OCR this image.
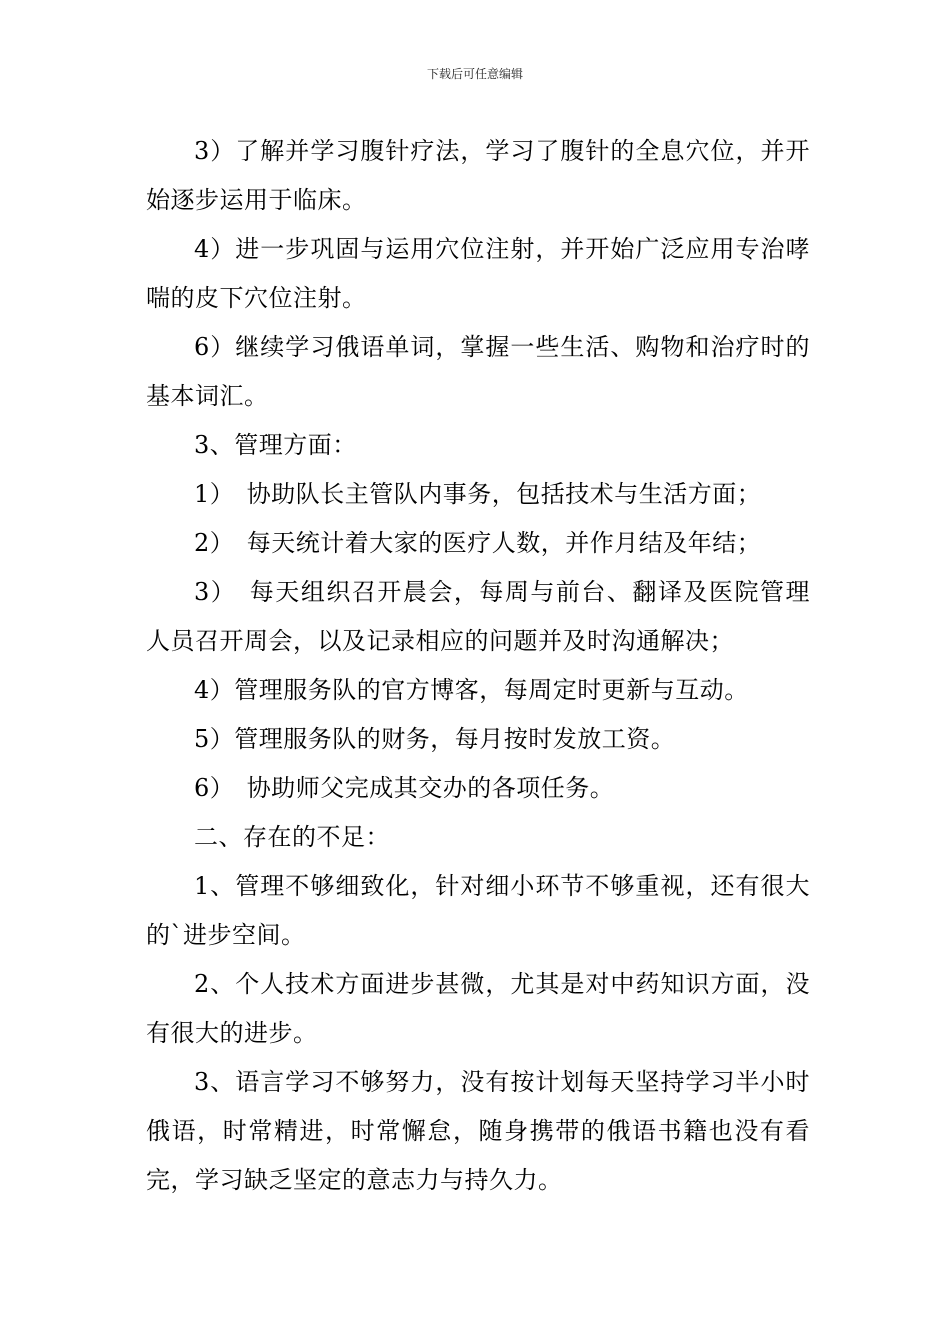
下载后可任意编辑

3）了解并学习腹针疗法，学习了腹针的全息穴位，并开始逐步运用于临床。

4）进一步巩固与运用穴位注射，并开始广泛应用专治哮喘的皮下穴位注射。

6）继续学习俄语单词，掌握一些生活、购物和治疗时的基本词汇。

3、管理方面：

1）　协助队长主管队内事务，包括技术与生活方面；

2）　每天统计着大家的医疗人数，并作月结及年结；

3）　每天组织召开晨会，每周与前台、翻译及医院管理人员召开周会，以及记录相应的问题并及时沟通解决；

4）管理服务队的官方博客，每周定时更新与互动。

5）管理服务队的财务，每月按时发放工资。

6）　协助师父完成其交办的各项任务。

二、存在的不足：

1、管理不够细致化，针对细小环节不够重视，还有很大的`进步空间。

2、个人技术方面进步甚微，尤其是对中药知识方面，没有很大的进步。

3、语言学习不够努力，没有按计划每天坚持学习半小时俄语，时常精进，时常懈怠，随身携带的俄语书籍也没有看完，学习缺乏坚定的意志力与持久力。
